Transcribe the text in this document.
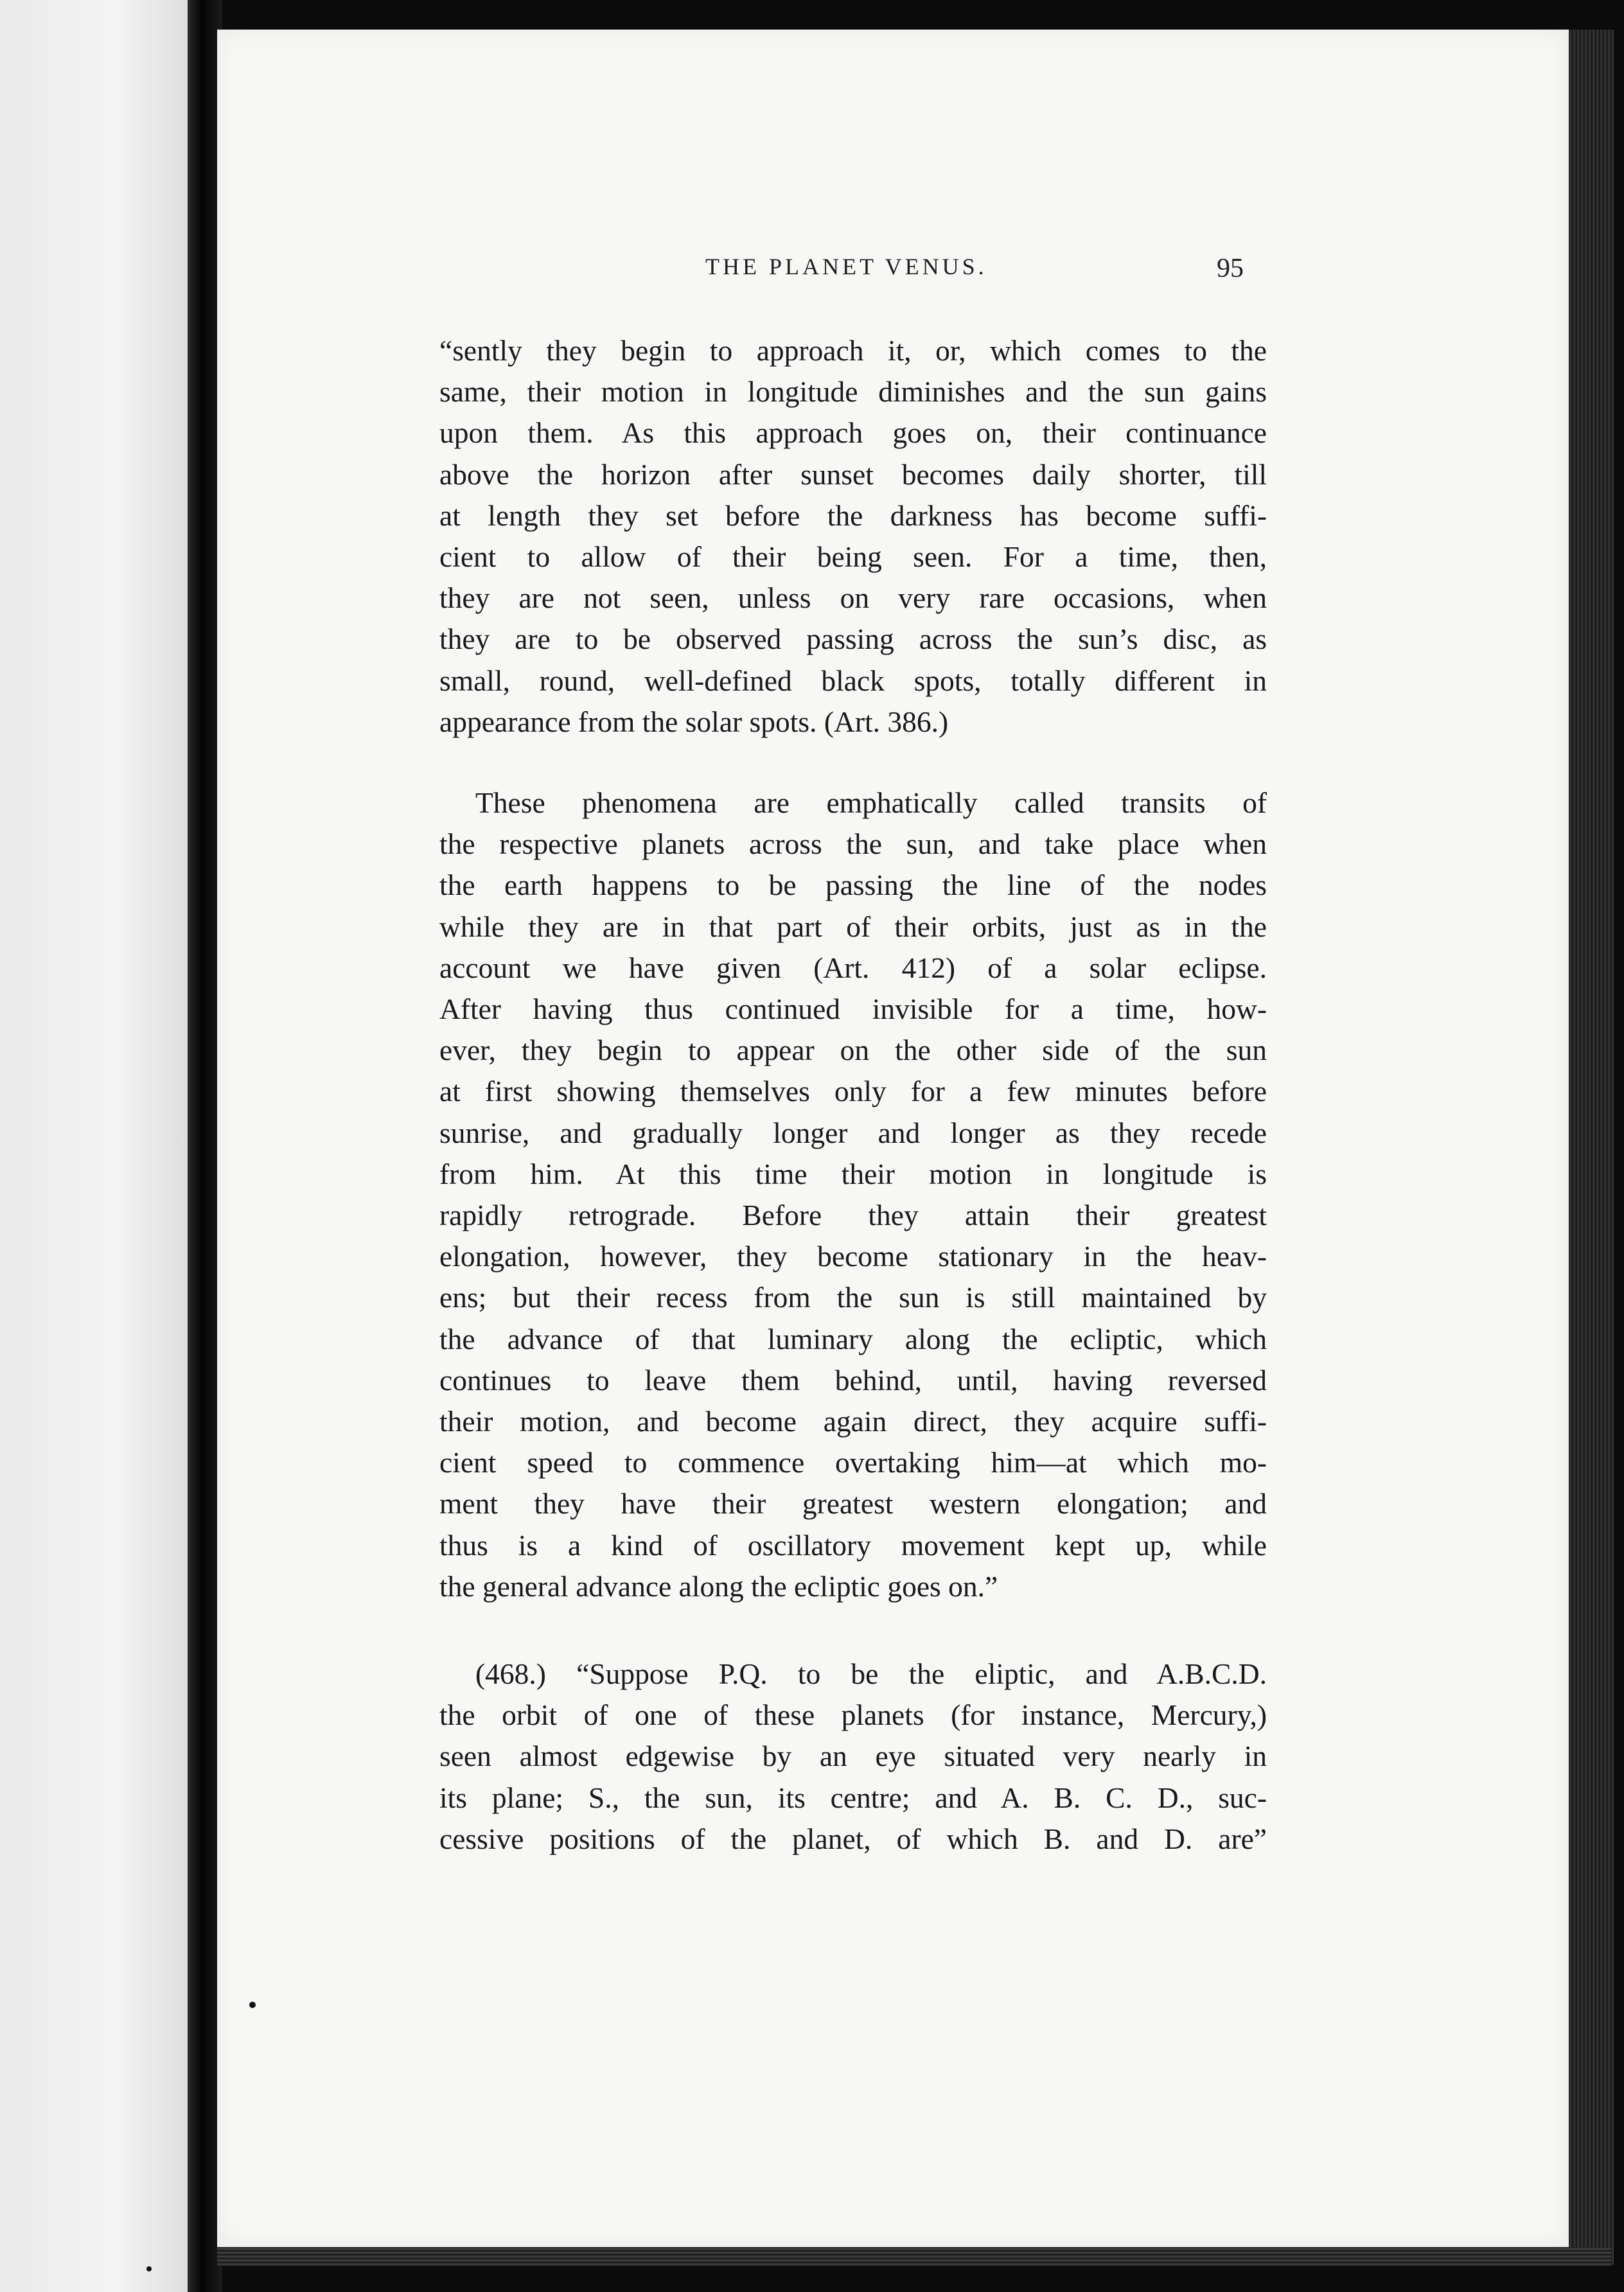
THE PLANET VENUS.	95

“sently they begin to approach it, or, which comes to the
same, their motion in longitude diminishes and the sun gains
upon them. As this approach goes on, their continuance
above the horizon after sunset becomes daily shorter, till
at length they set before the darkness has become suffi-
cient to allow of their being seen. For a time, then,
they are not seen, unless on very rare occasions, when
they are to be observed passing across the sun’s disc, as
small, round, well-defined black spots, totally different in
appearance from the solar spots. (Art. 386.)

These phenomena are emphatically called transits of
the respective planets across the sun, and take place when
the earth happens to be passing the line of the nodes
while they are in that part of their orbits, just as in the
account we have given (Art. 412) of a solar eclipse.
After having thus continued invisible for a time, how-
ever, they begin to appear on the other side of the sun
at first showing themselves only for a few minutes before
sunrise, and gradually longer and longer as they recede
from him. At this time their motion in longitude is
rapidly retrograde. Before they attain their greatest
elongation, however, they become stationary in the heav-
ens; but their recess from the sun is still maintained by
the advance of that luminary along the ecliptic, which
continues to leave them behind, until, having reversed
their motion, and become again direct, they acquire suffi-
cient speed to commence overtaking him—at which mo-
ment they have their greatest western elongation; and
thus is a kind of oscillatory movement kept up, while
the general advance along the ecliptic goes on.”

(468.) “Suppose P.Q. to be the eliptic, and A.B.C.D.
the orbit of one of these planets (for instance, Mercury,)
seen almost edgewise by an eye situated very nearly in
its plane; S., the sun, its centre; and A. B. C. D., suc-
cessive positions of the planet, of which B. and D. are”
